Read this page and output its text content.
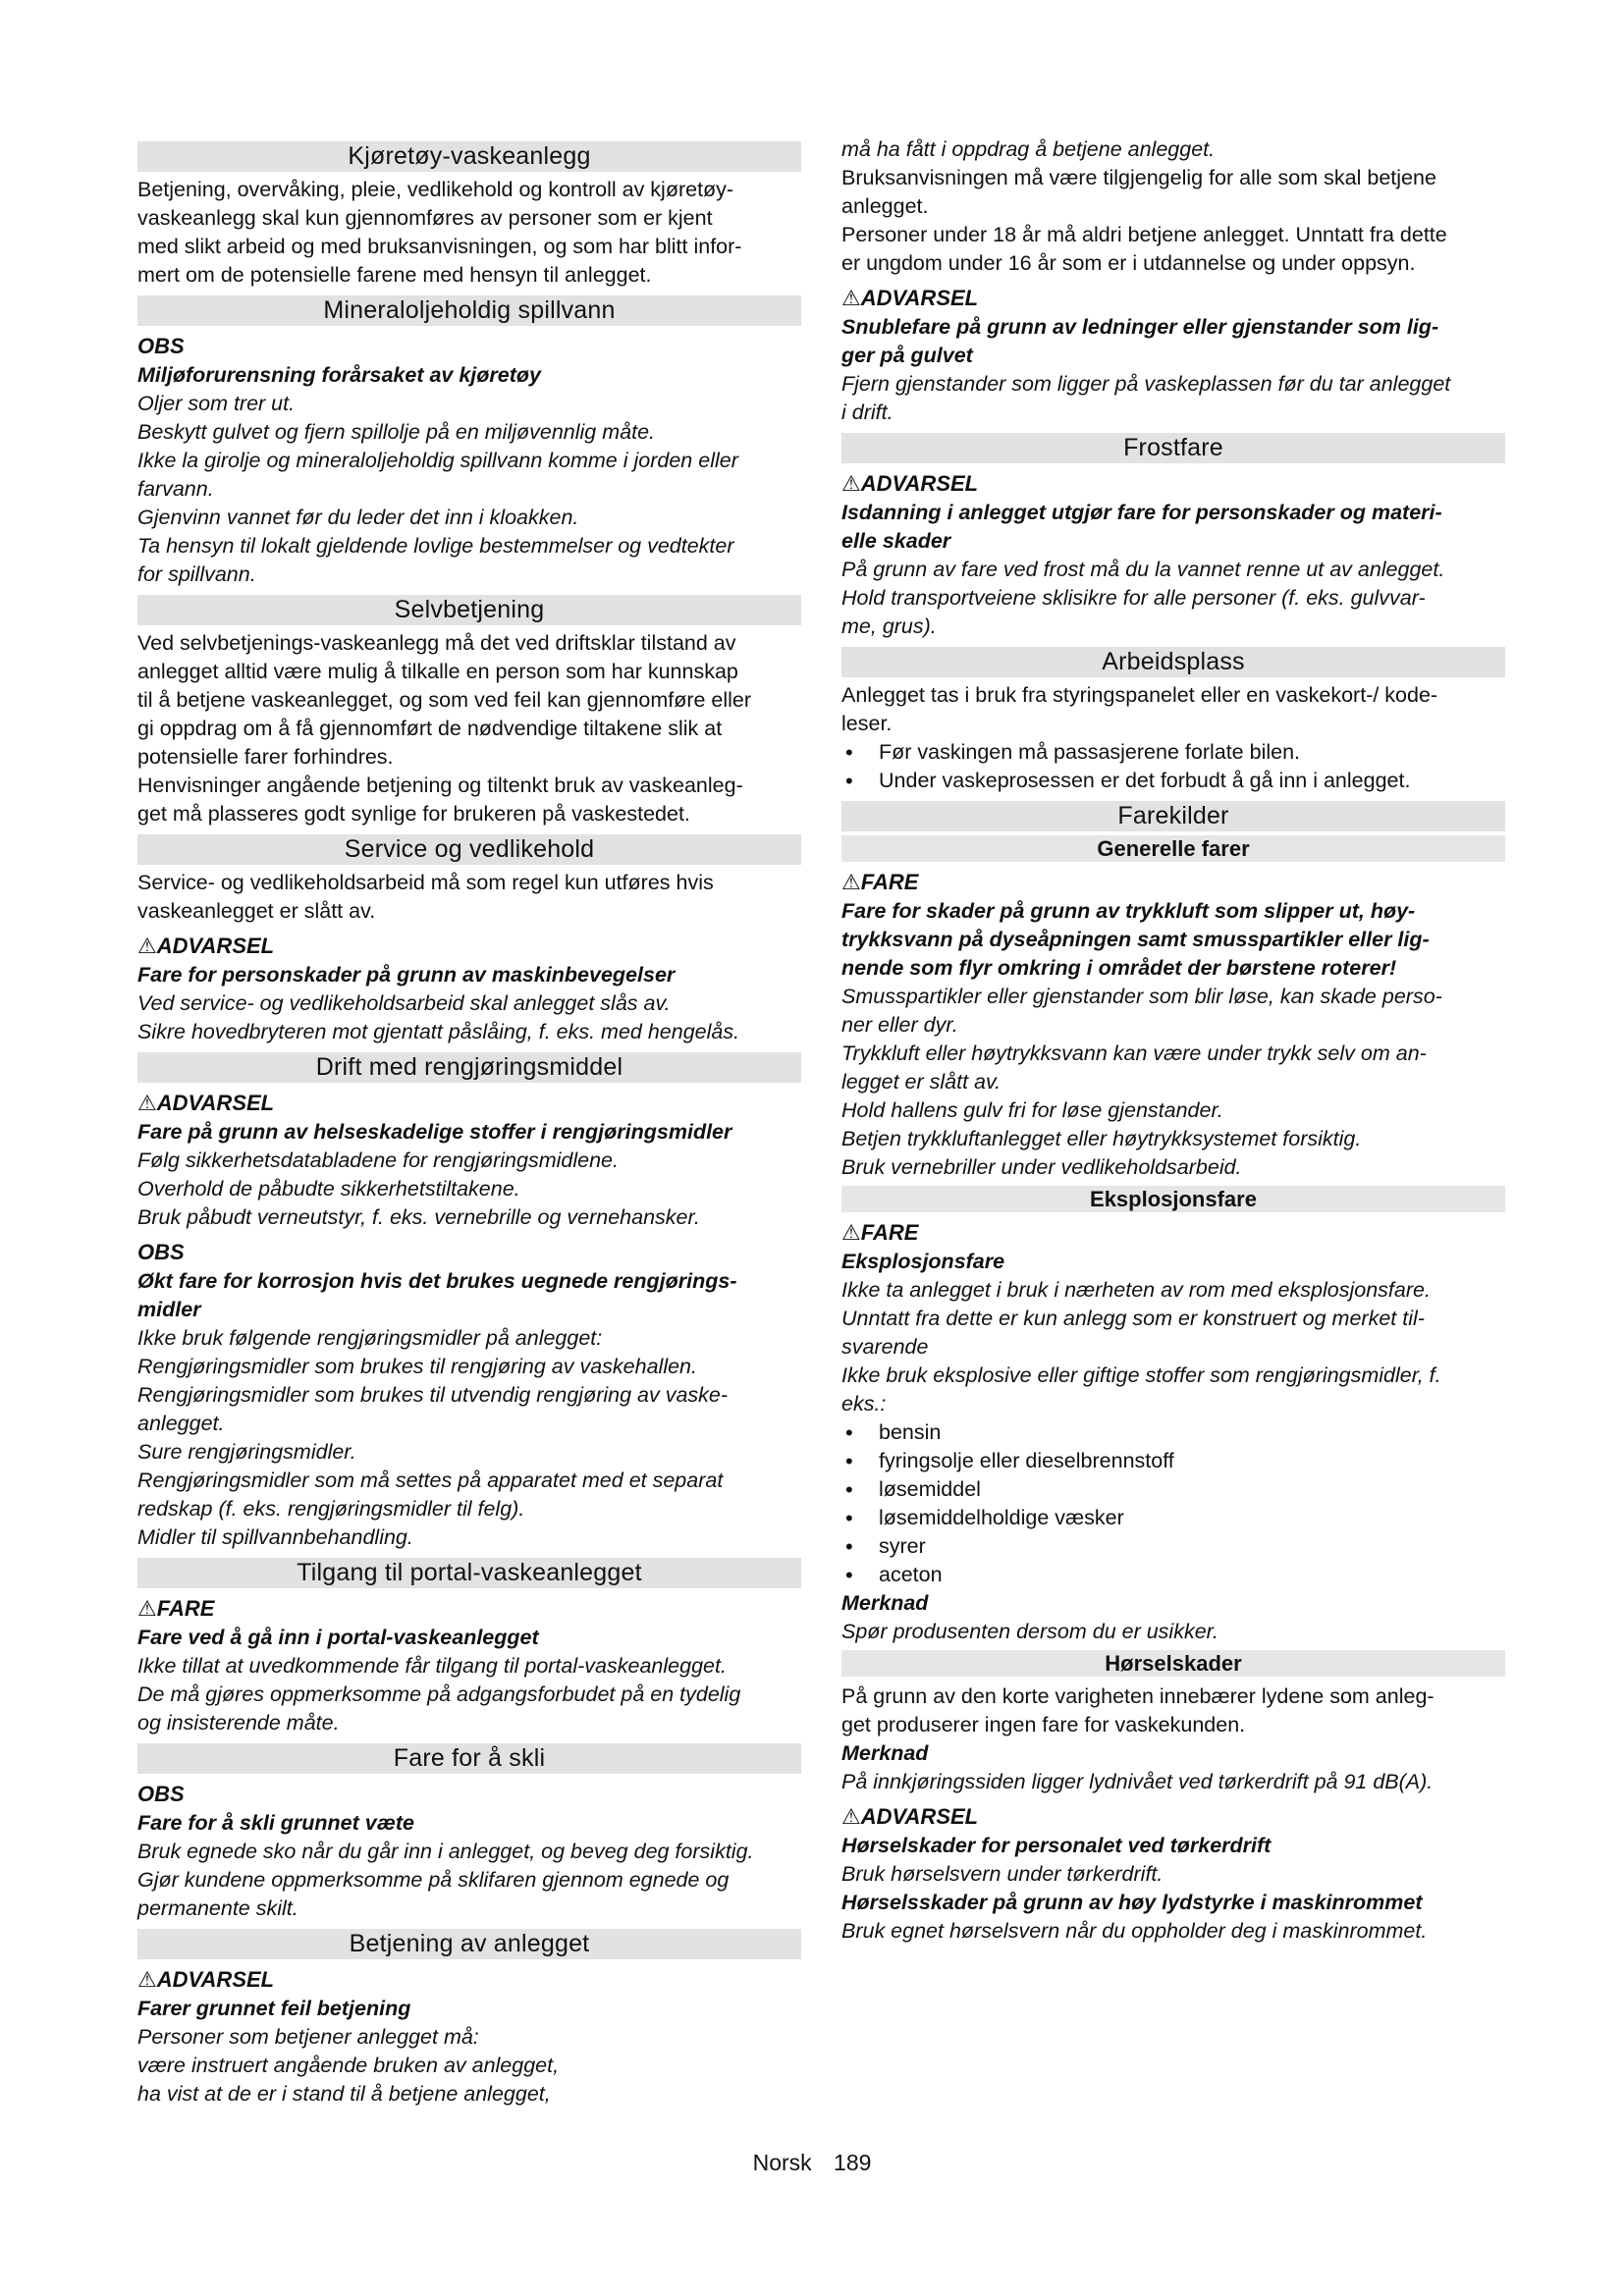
Kjøretøy-vaskeanlegg

Betjening, overvåking, pleie, vedlikehold og kontroll av kjøretøy-

vaskeanlegg skal kun gjennomføres av personer som er kjent

med slikt arbeid og med bruksanvisningen, og som har blitt infor-

mert om de potensielle farene med hensyn til anlegget.

Mineraloljeholdig spillvann

OBS

Miljøforurensning forårsaket av kjøretøy

Oljer som trer ut.

Beskytt gulvet og fjern spillolje på en miljøvennlig måte.

Ikke la girolje og mineraloljeholdig spillvann komme i jorden eller

farvann.

Gjenvinn vannet før du leder det inn i kloakken.

Ta hensyn til lokalt gjeldende lovlige bestemmelser og vedtekter

for spillvann.

Selvbetjening

Ved selvbetjenings-vaskeanlegg må det ved driftsklar tilstand av

anlegget alltid være mulig å tilkalle en person som har kunnskap

til å betjene vaskeanlegget, og som ved feil kan gjennomføre eller

gi oppdrag om å få gjennomført de nødvendige tiltakene slik at

potensielle farer forhindres.

Henvisninger angående betjening og tiltenkt bruk av vaskeanleg-

get må plasseres godt synlige for brukeren på vaskestedet.

Service og vedlikehold

Service- og vedlikeholdsarbeid må som regel kun utføres hvis

vaskeanlegget er slått av.

⚠ADVARSEL

Fare for personskader på grunn av maskinbevegelser

Ved service- og vedlikeholdsarbeid skal anlegget slås av.

Sikre hovedbryteren mot gjentatt påslåing, f. eks. med hengelås.

Drift med rengjøringsmiddel

⚠ADVARSEL

Fare på grunn av helseskadelige stoffer i rengjøringsmidler

Følg sikkerhetsdatabladene for rengjøringsmidlene.

Overhold de påbudte sikkerhetstiltakene.

Bruk påbudt verneutstyr, f. eks. vernebrille og vernehansker.

OBS

Økt fare for korrosjon hvis det brukes uegnede rengjørings-

midler

Ikke bruk følgende rengjøringsmidler på anlegget:

Rengjøringsmidler som brukes til rengjøring av vaskehallen.

Rengjøringsmidler som brukes til utvendig rengjøring av vaske-

anlegget.

Sure rengjøringsmidler.

Rengjøringsmidler som må settes på apparatet med et separat

redskap (f. eks. rengjøringsmidler til felg).

Midler til spillvannbehandling.

Tilgang til portal-vaskeanlegget

⚠FARE

Fare ved å gå inn i portal-vaskeanlegget

Ikke tillat at uvedkommende får tilgang til portal-vaskeanlegget.

De må gjøres oppmerksomme på adgangsforbudet på en tydelig

og insisterende måte.

Fare for å skli

OBS

Fare for å skli grunnet væte

Bruk egnede sko når du går inn i anlegget, og beveg deg forsiktig.

Gjør kundene oppmerksomme på sklifaren gjennom egnede og

permanente skilt.

Betjening av anlegget

⚠ADVARSEL

Farer grunnet feil betjening

Personer som betjener anlegget må:

være instruert angående bruken av anlegget,

ha vist at de er i stand til å betjene anlegget,

må ha fått i oppdrag å betjene anlegget.

Bruksanvisningen må være tilgjengelig for alle som skal betjene

anlegget.

Personer under 18 år må aldri betjene anlegget. Unntatt fra dette

er ungdom under 16 år som er i utdannelse og under oppsyn.

⚠ADVARSEL

Snublefare på grunn av ledninger eller gjenstander som lig-

ger på gulvet

Fjern gjenstander som ligger på vaskeplassen før du tar anlegget

i drift.

Frostfare

⚠ADVARSEL

Isdanning i anlegget utgjør fare for personskader og materi-

elle skader

På grunn av fare ved frost må du la vannet renne ut av anlegget.

Hold transportveiene sklisikre for alle personer (f. eks. gulvvar-

me, grus).

Arbeidsplass

Anlegget tas i bruk fra styringspanelet eller en vaskekort-/ kode-

leser.

• Før vaskingen må passasjerene forlate bilen.
• Under vaskeprosessen er det forbudt å gå inn i anlegget.
Farekilder
Generelle farer

⚠FARE

Fare for skader på grunn av trykkluft som slipper ut, høy-

trykksvann på dyseåpningen samt smusspartikler eller lig-

nende som flyr omkring i området der børstene roterer!

Smusspartikler eller gjenstander som blir løse, kan skade perso-

ner eller dyr.

Trykkluft eller høytrykksvann kan være under trykk selv om an-

legget er slått av.

Hold hallens gulv fri for løse gjenstander.

Betjen trykkluftanlegget eller høytrykksystemet forsiktig.

Bruk vernebriller under vedlikeholdsarbeid.

Eksplosjonsfare

⚠FARE

Eksplosjonsfare

Ikke ta anlegget i bruk i nærheten av rom med eksplosjonsfare.

Unntatt fra dette er kun anlegg som er konstruert og merket til-

svarende

Ikke bruk eksplosive eller giftige stoffer som rengjøringsmidler, f.

eks.:

• bensin
• fyringsolje eller dieselbrennstoff
• løsemiddel
• løsemiddelholdige væsker
• syrer
• aceton

Merknad

Spør produsenten dersom du er usikker.

Hørselskader

På grunn av den korte varigheten innebærer lydene som anleg-

get produserer ingen fare for vaskekunden.

Merknad

På innkjøringssiden ligger lydnivået ved tørkerdrift på 91 dB(A).

⚠ADVARSEL

Hørselskader for personalet ved tørkerdrift

Bruk hørselsvern under tørkerdrift.

Hørselsskader på grunn av høy lydstyrke i maskinrommet

Bruk egnet hørselsvern når du oppholder deg i maskinrommet.

Norsk 189
